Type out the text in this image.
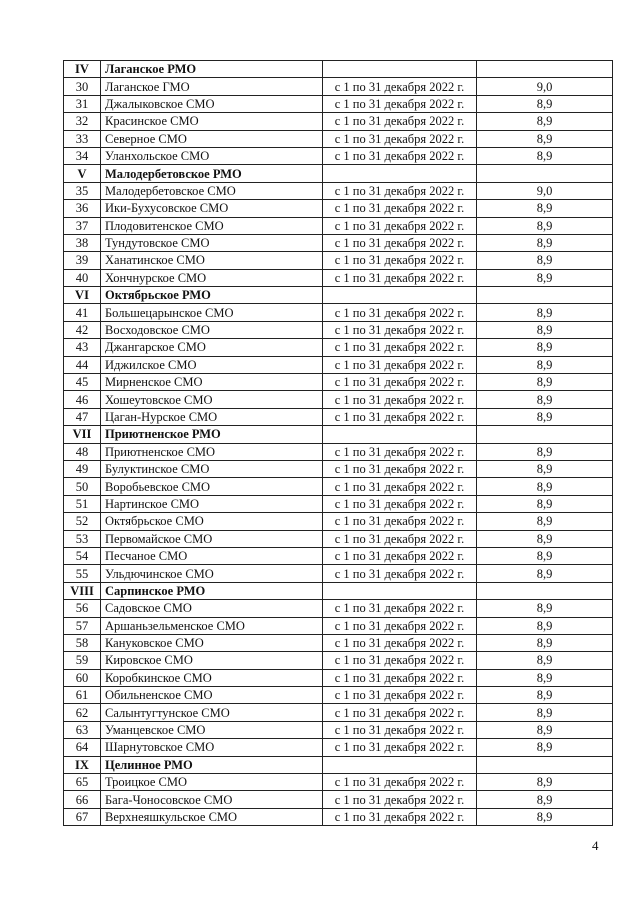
IV	Лаганское РМО		
30	Лаганское ГМО	с 1 по 31 декабря 2022 г.	9,0
31	Джалыковское СМО	с 1 по 31 декабря 2022 г.	8,9
32	Красинское СМО	с 1 по 31 декабря 2022 г.	8,9
33	Северное СМО	с 1 по 31 декабря 2022 г.	8,9
34	Уланхольское СМО	с 1 по 31 декабря 2022 г.	8,9
V	Малодербетовское РМО		
35	Малодербетовское СМО	с 1 по 31 декабря 2022 г.	9,0
36	Ики-Бухусовское СМО	с 1 по 31 декабря 2022 г.	8,9
37	Плодовитенское СМО	с 1 по 31 декабря 2022 г.	8,9
38	Тундутовское СМО	с 1 по 31 декабря 2022 г.	8,9
39	Ханатинское СМО	с 1 по 31 декабря 2022 г.	8,9
40	Хончнурское СМО	с 1 по 31 декабря 2022 г.	8,9
VI	Октябрьское РМО		
41	Большецарынское СМО	с 1 по 31 декабря 2022 г.	8,9
42	Восходовское СМО	с 1 по 31 декабря 2022 г.	8,9
43	Джангарское СМО	с 1 по 31 декабря 2022 г.	8,9
44	Иджилское СМО	с 1 по 31 декабря 2022 г.	8,9
45	Мирненское СМО	с 1 по 31 декабря 2022 г.	8,9
46	Хошеутовское СМО	с 1 по 31 декабря 2022 г.	8,9
47	Цаган-Нурское СМО	с 1 по 31 декабря 2022 г.	8,9
VII	Приютненское РМО		
48	Приютненское СМО	с 1 по 31 декабря 2022 г.	8,9
49	Булуктинское СМО	с 1 по 31 декабря 2022 г.	8,9
50	Воробьевское СМО	с 1 по 31 декабря 2022 г.	8,9
51	Нартинское СМО	с 1 по 31 декабря 2022 г.	8,9
52	Октябрьское СМО	с 1 по 31 декабря 2022 г.	8,9
53	Первомайское СМО	с 1 по 31 декабря 2022 г.	8,9
54	Песчаное СМО	с 1 по 31 декабря 2022 г.	8,9
55	Ульдючинское СМО	с 1 по 31 декабря 2022 г.	8,9
VIII	Сарпинское РМО		
56	Садовское СМО	с 1 по 31 декабря 2022 г.	8,9
57	Аршаньзельменское СМО	с 1 по 31 декабря 2022 г.	8,9
58	Кануковское СМО	с 1 по 31 декабря 2022 г.	8,9
59	Кировское СМО	с 1 по 31 декабря 2022 г.	8,9
60	Коробкинское СМО	с 1 по 31 декабря 2022 г.	8,9
61	Обильненское СМО	с 1 по 31 декабря 2022 г.	8,9
62	Салынтугтунское СМО	с 1 по 31 декабря 2022 г.	8,9
63	Уманцевское СМО	с 1 по 31 декабря 2022 г.	8,9
64	Шарнутовское СМО	с 1 по 31 декабря 2022 г.	8,9
IX	Целинное РМО		
65	Троицкое СМО	с 1 по 31 декабря 2022 г.	8,9
66	Бага-Чоносовское СМО	с 1 по 31 декабря 2022 г.	8,9
67	Верхнеяшкульское СМО	с 1 по 31 декабря 2022 г.	8,9
4
